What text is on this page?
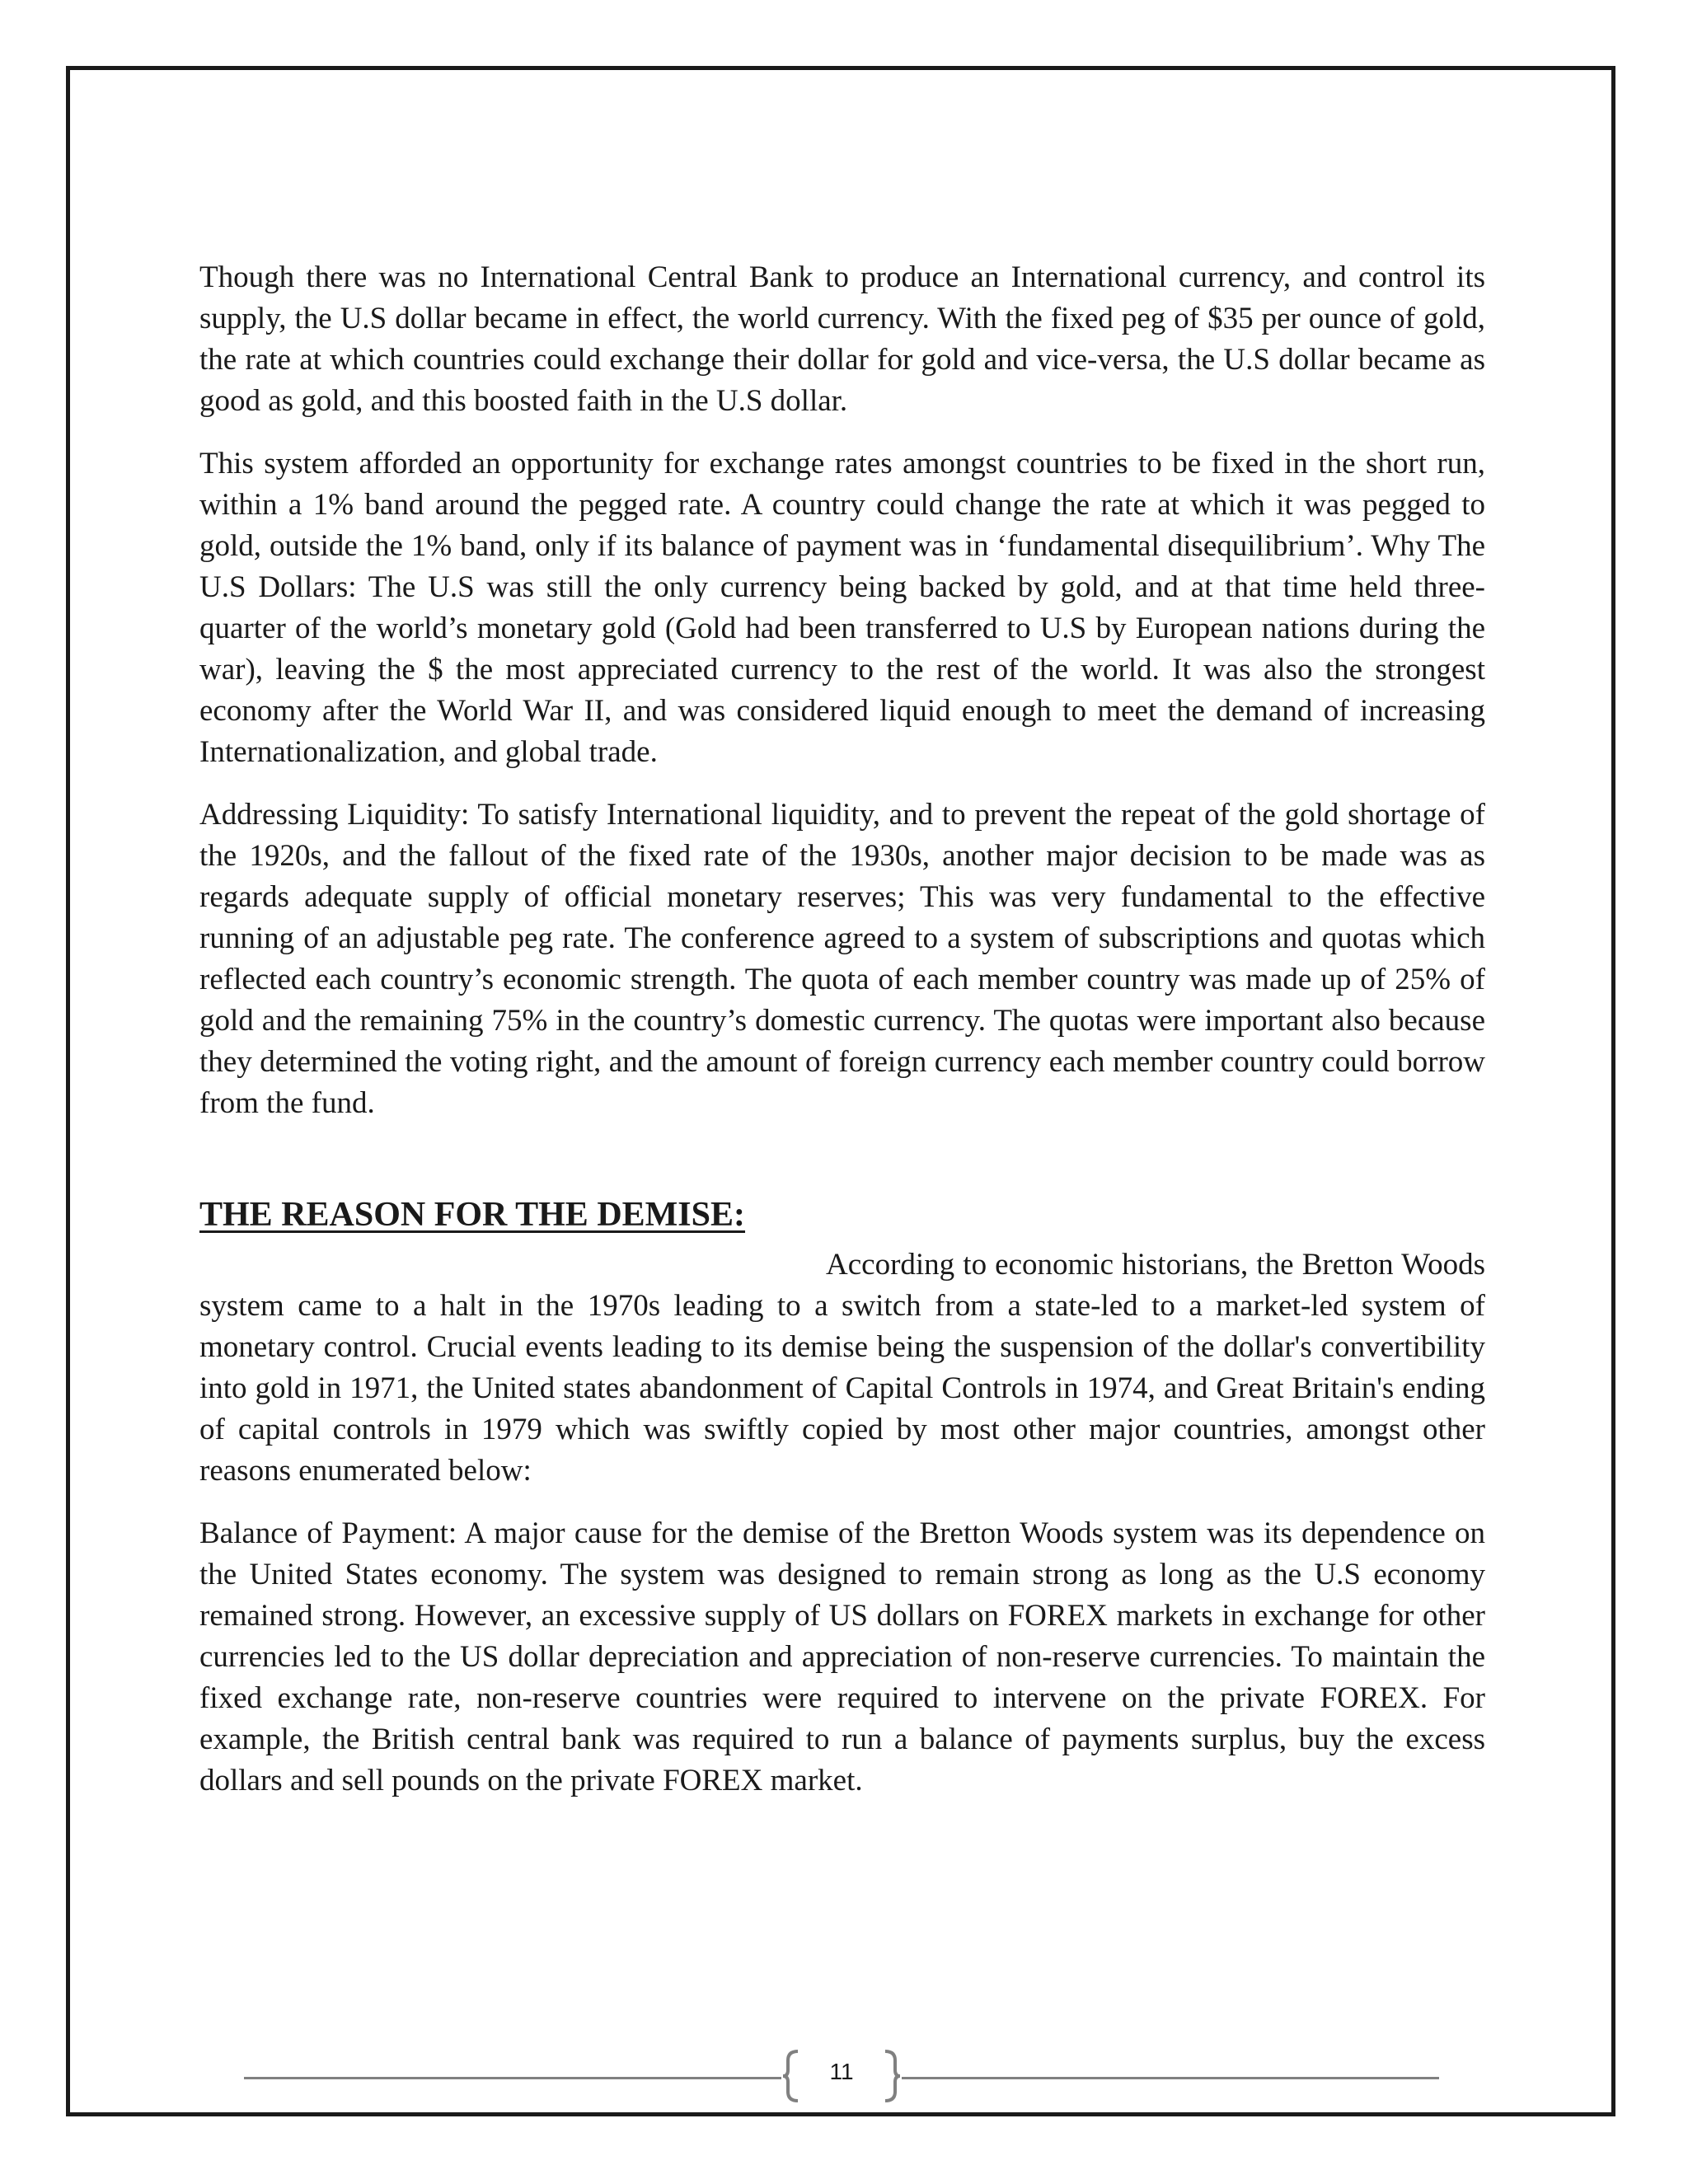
Though there was no International Central Bank to produce an International currency, and control its supply, the U.S dollar became in effect, the world currency. With the fixed peg of $35 per ounce of gold, the rate at which countries could exchange their dollar for gold and vice-versa, the U.S dollar became as good as gold, and this boosted faith in the U.S dollar.

This system afforded an opportunity for exchange rates amongst countries to be fixed in the short run, within a 1% band around the pegged rate. A country could change the rate at which it was pegged to gold, outside the 1% band, only if its balance of payment was in ‘fundamental disequilibrium’. Why The U.S Dollars: The U.S was still the only currency being backed by gold, and at that time held three-quarter of the world’s monetary gold (Gold had been transferred to U.S by European nations during the war), leaving the $ the most appreciated currency to the rest of the world. It was also the strongest economy after the World War II, and was considered liquid enough to meet the demand of increasing Internationalization, and global trade.

Addressing Liquidity: To satisfy International liquidity, and to prevent the repeat of the gold shortage of the 1920s, and the fallout of the fixed rate of the 1930s, another major decision to be made was as regards adequate supply of official monetary reserves; This was very fundamental to the effective running of an adjustable peg rate. The conference agreed to a system of subscriptions and quotas which reflected each country’s economic strength. The quota of each member country was made up of 25% of gold and the remaining 75% in the country’s domestic currency. The quotas were important also because they determined the voting right, and the amount of foreign currency each member country could borrow from the fund.

THE REASON FOR THE DEMISE:

According to economic historians, the Bretton Woods system came to a halt in the 1970s leading to a switch from a state-led to a market-led system of monetary control. Crucial events leading to its demise being the suspension of the dollar's convertibility into gold in 1971, the United states abandonment of Capital Controls in 1974, and Great Britain's ending of capital controls in 1979 which was swiftly copied by most other major countries, amongst other reasons enumerated below:

Balance of Payment: A major cause for the demise of the Bretton Woods system was its dependence on the United States economy. The system was designed to remain strong as long as the U.S economy remained strong. However, an excessive supply of US dollars on FOREX markets in exchange for other currencies led to the US dollar depreciation and appreciation of non-reserve currencies. To maintain the fixed exchange rate, non-reserve countries were required to intervene on the private FOREX. For example, the British central bank was required to run a balance of payments surplus, buy the excess dollars and sell pounds on the private FOREX market.

11
